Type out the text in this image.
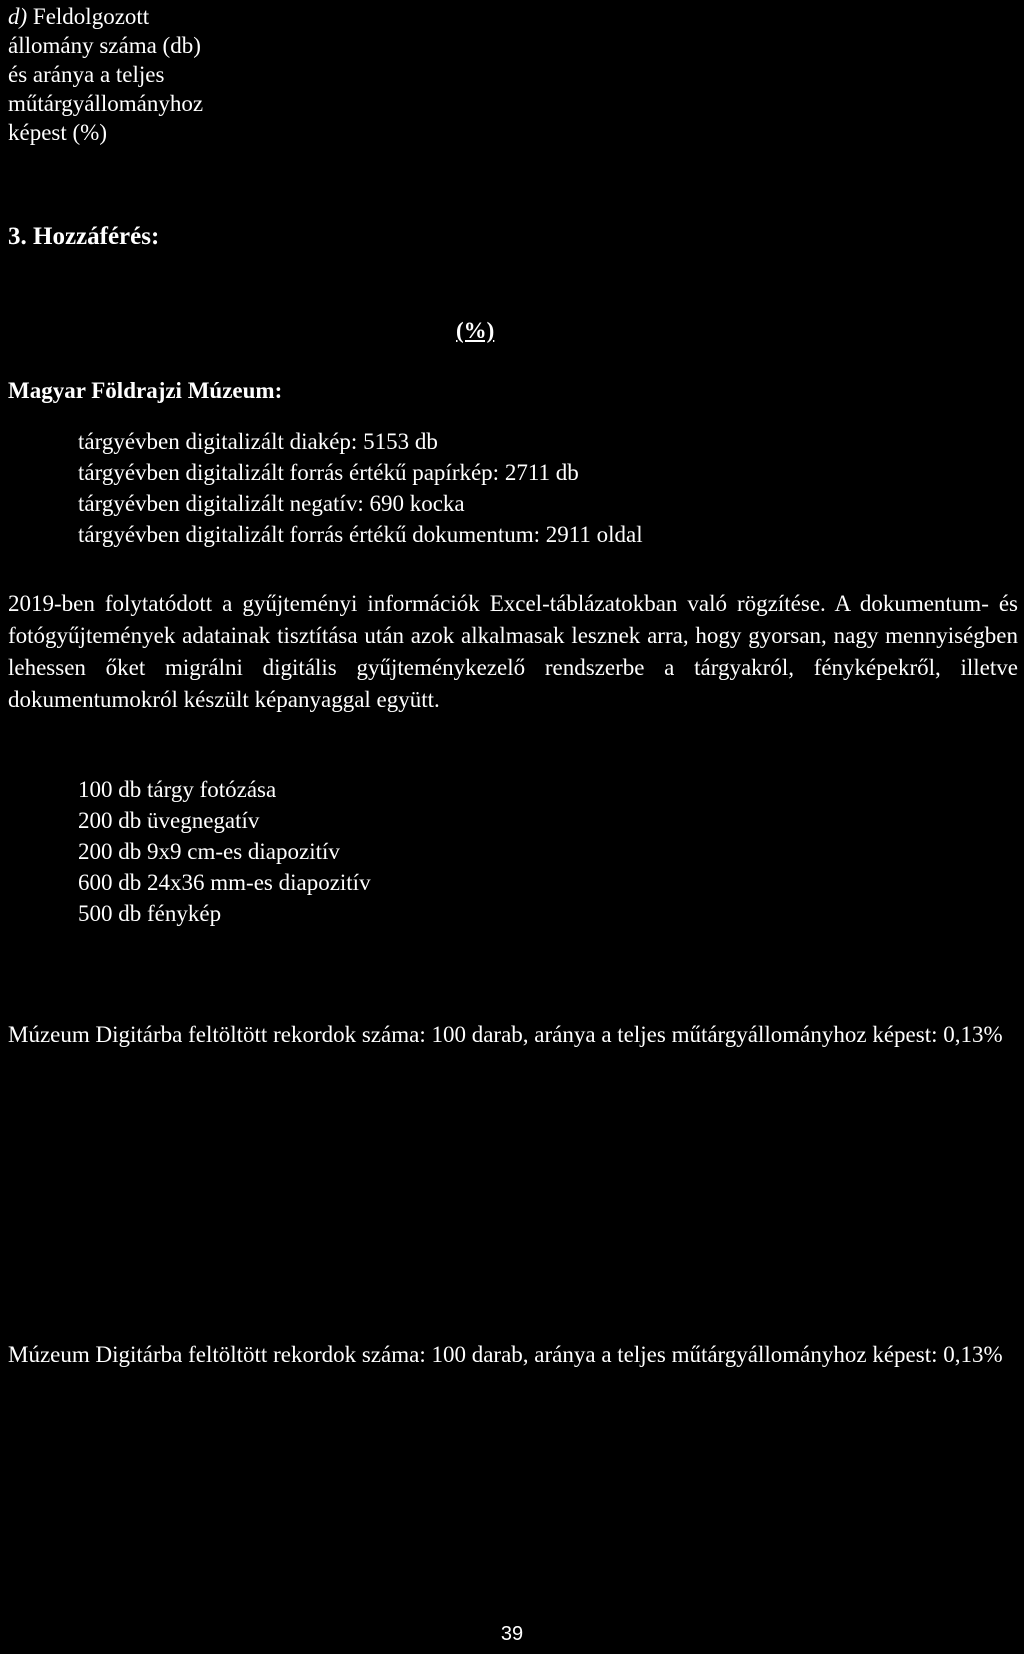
d) Feldolgozott
állomány száma (db)
és aránya a teljes
műtárgyállományhoz
képest (%)
3. Hozzáférés:
(%)
Magyar Földrajzi Múzeum:
tárgyévben digitalizált diakép: 5153 db
tárgyévben digitalizált forrás értékű papírkép: 2711 db
tárgyévben digitalizált negatív: 690 kocka
tárgyévben digitalizált forrás értékű dokumentum: 2911 oldal
2019-ben folytatódott a gyűjteményi információk Excel-táblázatokban való rögzítése. A dokumentum- és fotógyűjtemények adatainak tisztítása után azok alkalmasak lesznek arra, hogy gyorsan, nagy mennyiségben lehessen őket migrálni digitális gyűjteménykezelő rendszerbe a tárgyakról, fényképekről, illetve dokumentumokról készült képanyaggal együtt.
100 db tárgy fotózása
200 db üvegnegatív
200 db 9x9 cm-es diapozitív
600 db 24x36 mm-es diapozitív
500 db fénykép
Múzeum Digitárba feltöltött rekordok száma: 100 darab, aránya a teljes műtárgyállományhoz képest: 0,13%
Múzeum Digitárba feltöltött rekordok száma: 100 darab, aránya a teljes műtárgyállományhoz képest: 0,13%
39
